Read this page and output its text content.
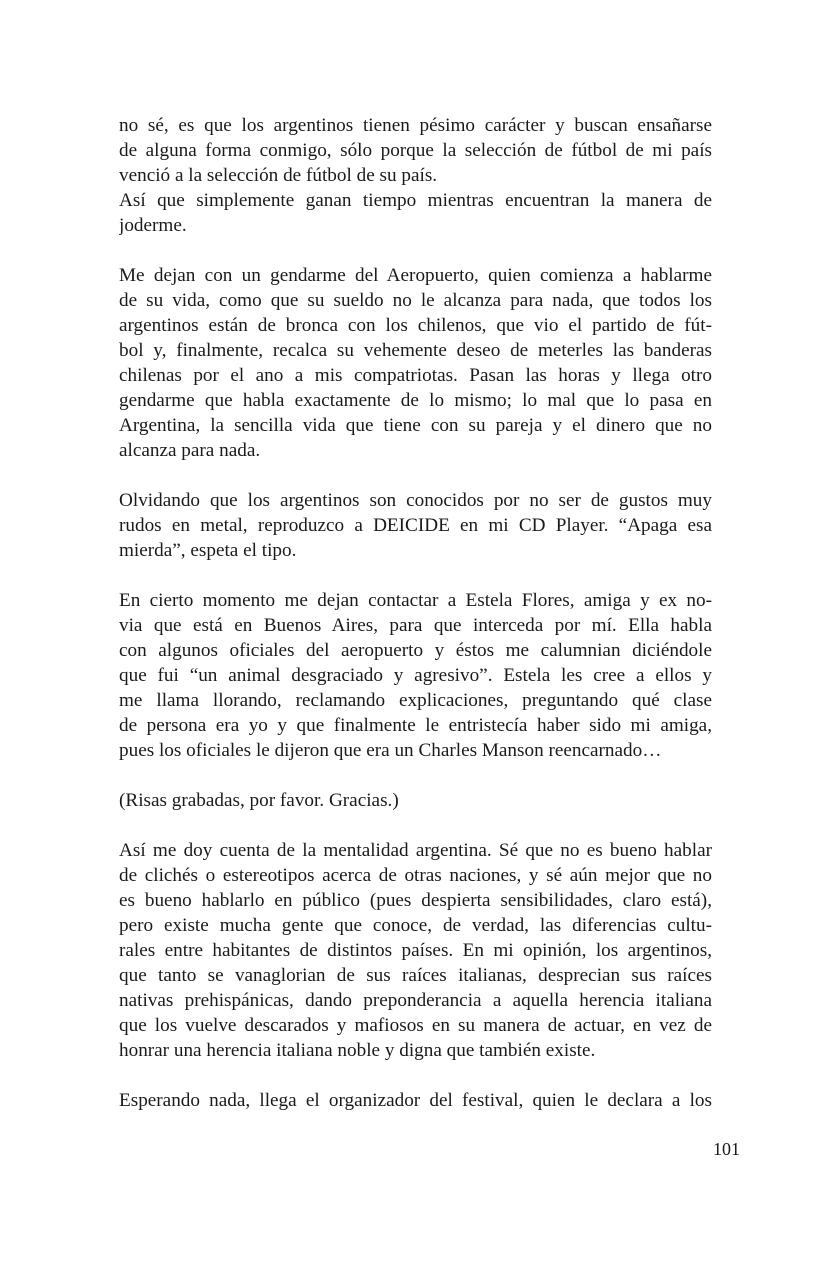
no sé, es que los argentinos tienen pésimo carácter y buscan ensañarse
de alguna forma conmigo, sólo porque la selección de fútbol de mi país
venció a la selección de fútbol de su país.
Así que simplemente ganan tiempo mientras encuentran la manera de
joderme.
Me dejan con un gendarme del Aeropuerto, quien comienza a hablarme
de su vida, como que su sueldo no le alcanza para nada, que todos los
argentinos están de bronca con los chilenos, que vio el partido de fút-
bol y, finalmente, recalca su vehemente deseo de meterles las banderas
chilenas por el ano a mis compatriotas. Pasan las horas y llega otro
gendarme que habla exactamente de lo mismo; lo mal que lo pasa en
Argentina, la sencilla vida que tiene con su pareja y el dinero que no
alcanza para nada.
Olvidando que los argentinos son conocidos por no ser de gustos muy
rudos en metal, reproduzco a DEICIDE en mi CD Player. “Apaga esa
mierda”, espeta el tipo.
En cierto momento me dejan contactar a Estela Flores, amiga y ex no-
via que está en Buenos Aires, para que interceda por mí. Ella habla
con algunos oficiales del aeropuerto y éstos me calumnian diciéndole
que fui “un animal desgraciado y agresivo”. Estela les cree a ellos y
me llama llorando, reclamando explicaciones, preguntando qué clase
de persona era yo y que finalmente le entristecía haber sido mi amiga,
pues los oficiales le dijeron que era un Charles Manson reencarnado…
(Risas grabadas, por favor. Gracias.)
Así me doy cuenta de la mentalidad argentina. Sé que no es bueno hablar
de clichés o estereotipos acerca de otras naciones, y sé aún mejor que no
es bueno hablarlo en público (pues despierta sensibilidades, claro está),
pero existe mucha gente que conoce, de verdad, las diferencias cultu-
rales entre habitantes de distintos países. En mi opinión, los argentinos,
que tanto se vanaglorian de sus raíces italianas, desprecian sus raíces
nativas prehispánicas, dando preponderancia a aquella herencia italiana
que los vuelve descarados y mafiosos en su manera de actuar, en vez de
honrar una herencia italiana noble y digna que también existe.
Esperando nada, llega el organizador del festival, quien le declara a los
101
